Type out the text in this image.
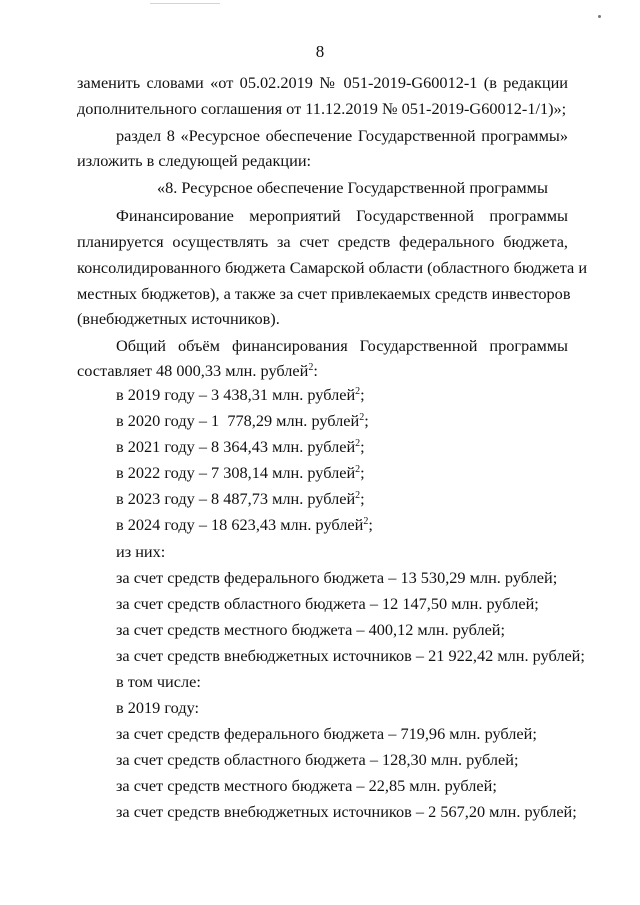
8
заменить словами «от 05.02.2019 № 051-2019-G60012-1 (в редакции
дополнительного соглашения от 11.12.2019 № 051-2019-G60012-1/1)»;
раздел 8 «Ресурсное обеспечение Государственной программы»
изложить в следующей редакции:
«8. Ресурсное обеспечение Государственной программы
Финансирование мероприятий Государственной программы
планируется осуществлять за счет средств федерального бюджета,
консолидированного бюджета Самарской области (областного бюджета и
местных бюджетов), а также за счет привлекаемых средств инвесторов
(внебюджетных источников).
Общий объём финансирования Государственной программы
составляет 48 000,33 млн. рублей$^2$:
в 2019 году – 3 438,31 млн. рублей$^2$;
в 2020 году – 1  778,29 млн. рублей$^2$;
в 2021 году – 8 364,43 млн. рублей$^2$;
в 2022 году – 7 308,14 млн. рублей$^2$;
в 2023 году – 8 487,73 млн. рублей$^2$;
в 2024 году – 18 623,43 млн. рублей$^2$;
из них:
за счет средств федерального бюджета – 13 530,29 млн. рублей;
за счет средств областного бюджета – 12 147,50 млн. рублей;
за счет средств местного бюджета – 400,12 млн. рублей;
за счет средств внебюджетных источников – 21 922,42 млн. рублей;
в том числе:
в 2019 году:
за счет средств федерального бюджета – 719,96 млн. рублей;
за счет средств областного бюджета – 128,30 млн. рублей;
за счет средств местного бюджета – 22,85 млн. рублей;
за счет средств внебюджетных источников – 2 567,20 млн. рублей;
